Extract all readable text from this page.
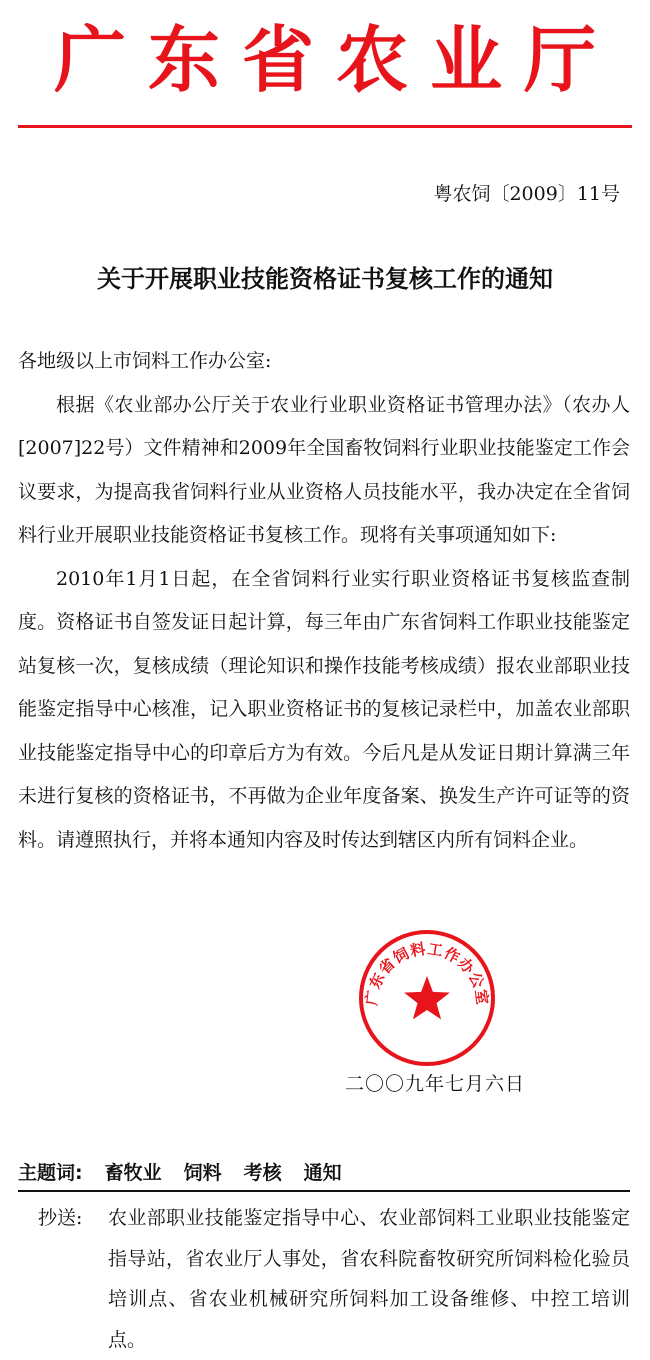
广东省农业厅
粤农饲〔2009〕11号
关于开展职业技能资格证书复核工作的通知

各地级以上市饲料工作办公室:

根据《农业部办公厅关于农业行业职业资格证书管理办法》（农办人[2007]22号）文件精神和2009年全国畜牧饲料行业职业技能鉴定工作会议要求，为提高我省饲料行业从业资格人员技能水平，我办决定在全省饲料行业开展职业技能资格证书复核工作。现将有关事项通知如下:

2010年1月1日起，在全省饲料行业实行职业资格证书复核监查制度。资格证书自签发证日起计算，每三年由广东省饲料工作职业技能鉴定站复核一次，复核成绩（理论知识和操作技能考核成绩）报农业部职业技能鉴定指导中心核准，记入职业资格证书的复核记录栏中，加盖农业部职业技能鉴定指导中心的印章后方为有效。今后凡是从发证日期计算满三年未进行复核的资格证书，不再做为企业年度备案、换发生产许可证等的资料。请遵照执行，并将本通知内容及时传达到辖区内所有饲料企业。

广东省饲料工作办公室
二〇〇九年七月六日
主题词: 畜牧业 饲料 考核 通知
抄送:	农业部职业技能鉴定指导中心、农业部饲料工业职业技能鉴定指导站，省农业厅人事处，省农科院畜牧研究所饲料检化验员培训点、省农业机械研究所饲料加工设备维修、中控工培训点。
